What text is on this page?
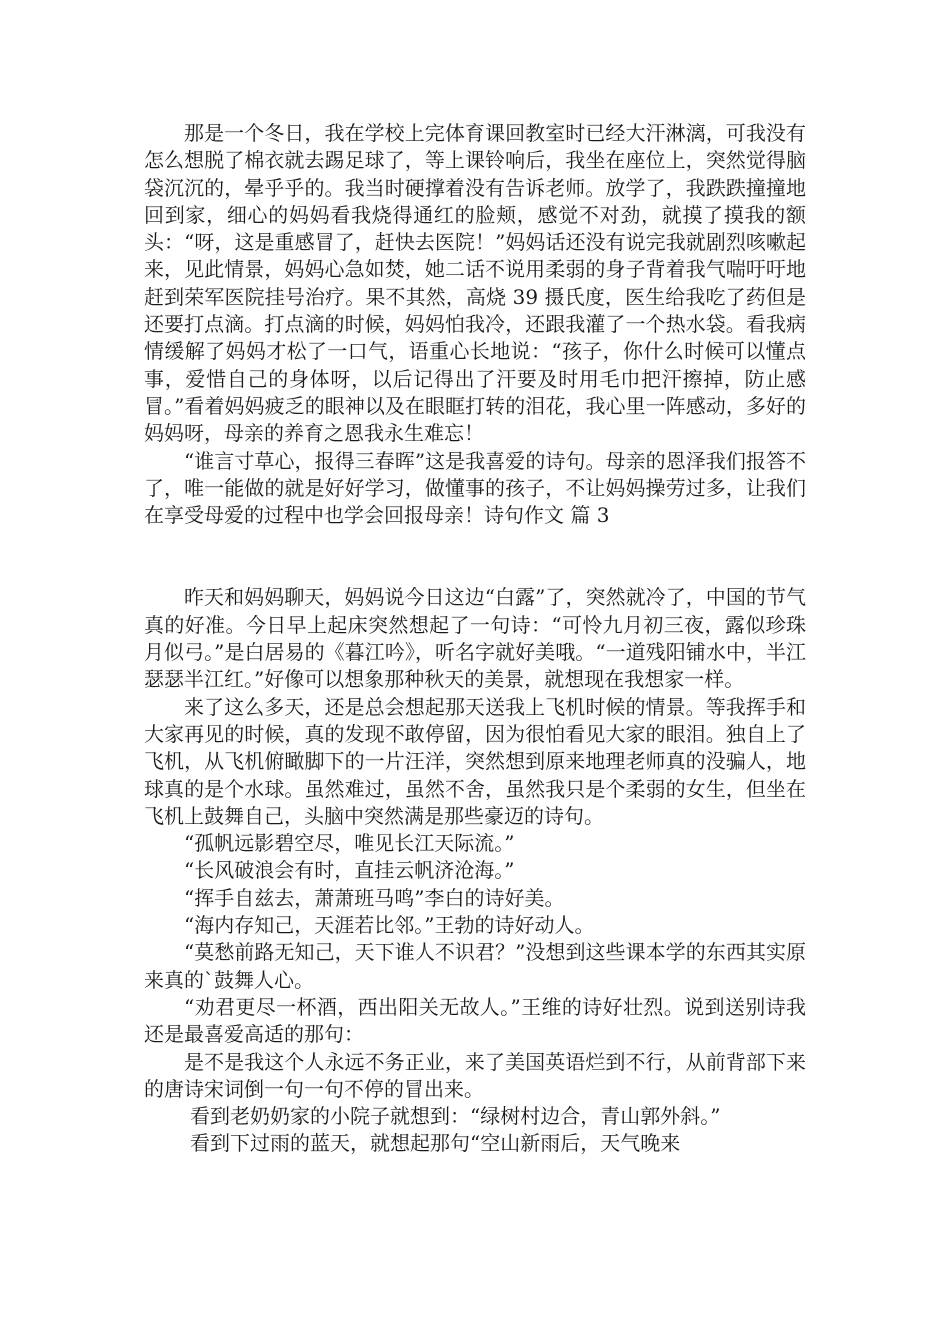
那是一个冬日，我在学校上完体育课回教室时已经大汗淋漓，可我没有怎么想脱了棉衣就去踢足球了，等上课铃响后，我坐在座位上，突然觉得脑袋沉沉的，晕乎乎的。我当时硬撑着没有告诉老师。放学了，我跌跌撞撞地回到家，细心的妈妈看我烧得通红的脸颊，感觉不对劲，就摸了摸我的额头：“呀，这是重感冒了，赶快去医院！”妈妈话还没有说完我就剧烈咳嗽起来，见此情景，妈妈心急如焚，她二话不说用柔弱的身子背着我气喘吁吁地赶到荣军医院挂号治疗。果不其然，高烧 39 摄氏度，医生给我吃了药但是还要打点滴。打点滴的时候，妈妈怕我冷，还跟我灌了一个热水袋。看我病情缓解了妈妈才松了一口气，语重心长地说：“孩子，你什么时候可以懂点事，爱惜自己的身体呀，以后记得出了汗要及时用毛巾把汗擦掉，防止感冒。”看着妈妈疲乏的眼神以及在眼眶打转的泪花，我心里一阵感动，多好的妈妈呀，母亲的养育之恩我永生难忘！

“谁言寸草心，报得三春晖”这是我喜爱的诗句。母亲的恩泽我们报答不了，唯一能做的就是好好学习，做懂事的孩子，不让妈妈操劳过多，让我们在享受母爱的过程中也学会回报母亲！诗句作文 篇 3

昨天和妈妈聊天，妈妈说今日这边“白露”了，突然就冷了，中国的节气真的好准。今日早上起床突然想起了一句诗：“可怜九月初三夜，露似珍珠月似弓。”是白居易的《暮江吟》，听名字就好美哦。“一道残阳铺水中，半江瑟瑟半江红。”好像可以想象那种秋天的美景，就想现在我想家一样。

来了这么多天，还是总会想起那天送我上飞机时候的情景。等我挥手和大家再见的时候，真的发现不敢停留，因为很怕看见大家的眼泪。独自上了飞机，从飞机俯瞰脚下的一片汪洋，突然想到原来地理老师真的没骗人，地球真的是个水球。虽然难过，虽然不舍，虽然我只是个柔弱的女生，但坐在飞机上鼓舞自己，头脑中突然满是那些豪迈的诗句。

“孤帆远影碧空尽，唯见长江天际流。”

“长风破浪会有时，直挂云帆济沧海。”

“挥手自兹去，萧萧班马鸣”李白的诗好美。

“海内存知己，天涯若比邻。”王勃的诗好动人。

“莫愁前路无知己，天下谁人不识君？”没想到这些课本学的东西其实原来真的`鼓舞人心。

“劝君更尽一杯酒，西出阳关无故人。”王维的诗好壮烈。说到送别诗我还是最喜爱高适的那句：

是不是我这个人永远不务正业，来了美国英语烂到不行，从前背部下来的唐诗宋词倒一句一句不停的冒出来。

看到老奶奶家的小院子就想到：“绿树村边合，青山郭外斜。”

看到下过雨的蓝天，就想起那句“空山新雨后，天气晚来
